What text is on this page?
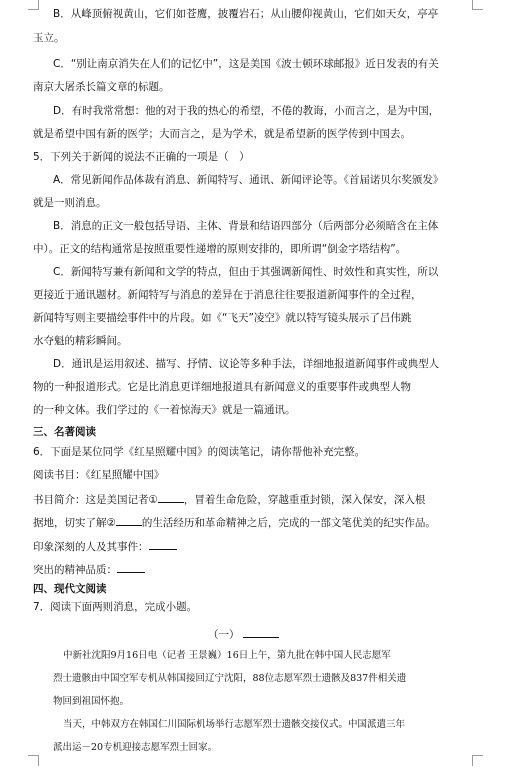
B．从峰顶俯视黄山，它们如苍鹰，披覆岩石；从山腰仰视黄山，它们如天女，亭亭
玉立。
C．“别让南京消失在人们的记忆中”，这是美国《波士顿环球邮报》近日发表的有关
南京大屠杀长篇文章的标题。
D．有时我常常想：他的对于我的热心的希望，不倦的教诲，小而言之，是为中国，
就是希望中国有新的医学；大而言之，是为学术，就是希望新的医学传到中国去。
5．下列关于新闻的说法不正确的一项是（　）
A．常见新闻作品体裁有消息、新闻特写、通讯、新闻评论等。《首届诺贝尔奖颁发》
就是一则消息。
B．消息的正文一般包括导语、主体、背景和结语四部分（后两部分必须暗含在主体
中）。正文的结构通常是按照重要性递增的原则安排的，即所谓“倒金字塔结构”。
C．新闻特写兼有新闻和文学的特点，但由于其强调新闻性、时效性和真实性，所以
更接近于通讯题材。新闻特写与消息的差异在于消息往往要报道新闻事件的全过程，
新闻特写则主要描绘事件中的片段。如《“飞天”凌空》就以特写镜头展示了吕伟跳
水夺魁的精彩瞬间。
D．通讯是运用叙述、描写、抒情、议论等多种手法，详细地报道新闻事件或典型人
物的一种报道形式。它是比消息更详细地报道具有新闻意义的重要事件或典型人物
的一种文体。我们学过的《一着惊海天》就是一篇通讯。
三、名著阅读
6．下面是某位同学《红星照耀中国》的阅读笔记，请你帮他补充完整。
阅读书目：《红星照耀中国》
书目简介：这是美国记者① ，冒着生命危险，穿越重重封锁，深入保安，深入根
据地，切实了解② 的生活经历和革命精神之后，完成的一部文笔优美的纪实作品。
印象深刻的人及其事件：
突出的精神品质：
四、现代文阅读
7．阅读下面两则消息，完成小题。
（一）
中新社沈阳9月16日电（记者 王景巍）16日上午，第九批在韩中国人民志愿军
烈士遗骸由中国空军专机从韩国接回辽宁沈阳，88位志愿军烈士遗骸及837件相关遗
物回到祖国怀抱。
当天，中韩双方在韩国仁川国际机场举行志愿军烈士遗骸交接仪式。中国派遣三年
派出运－20专机迎接志愿军烈士回家。
